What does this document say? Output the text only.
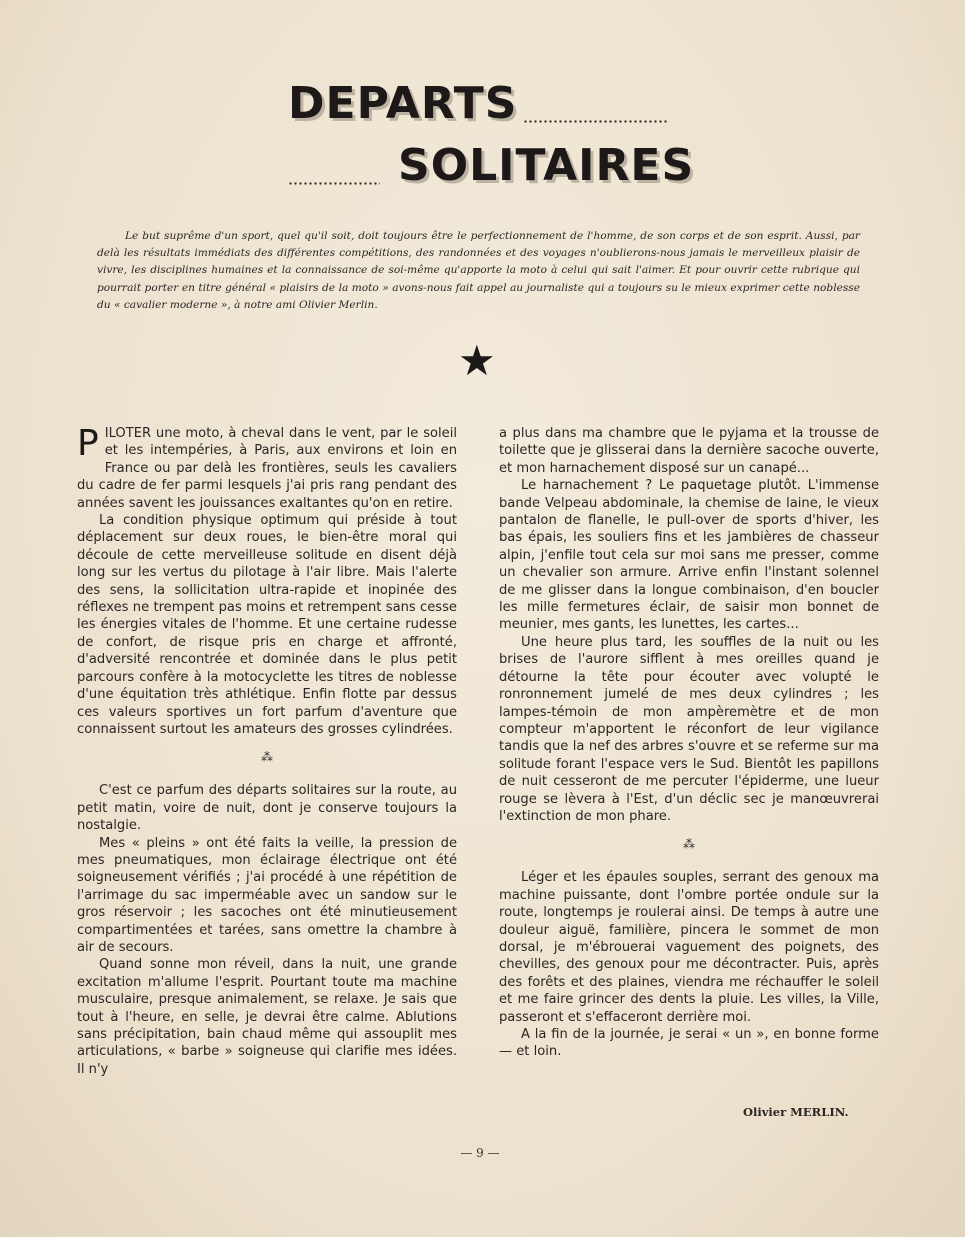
DEPARTS
SOLITAIRES

Le but suprême d'un sport, quel qu'il soit, doit toujours être le perfectionnement de l'homme, de son corps et de son esprit. Aussi, par delà les résultats immédiats des différentes compétitions, des randonnées et des voyages n'oublierons-nous jamais le merveilleux plaisir de vivre, les disciplines humaines et la connaissance de soi-même qu'apporte la moto à celui qui sait l'aimer. Et pour ouvrir cette rubrique qui pourrait porter en titre général « plaisirs de la moto » avons-nous fait appel au journaliste qui a toujours su le mieux exprimer cette noblesse du « cavalier moderne », à notre ami Olivier Merlin.

★

PILOTER une moto, à cheval dans le vent, par le soleil et les intempéries, à Paris, aux environs et loin en France ou par delà les frontières, seuls les cavaliers du cadre de fer parmi lesquels j'ai pris rang pendant des années savent les jouissances exaltantes qu'on en retire.

La condition physique optimum qui préside à tout déplacement sur deux roues, le bien-être moral qui découle de cette merveilleuse solitude en disent déjà long sur les vertus du pilotage à l'air libre. Mais l'alerte des sens, la sollicitation ultra-rapide et inopinée des réflexes ne trempent pas moins et retrempent sans cesse les énergies vitales de l'homme. Et une certaine rudesse de confort, de risque pris en charge et affronté, d'adversité rencontrée et dominée dans le plus petit parcours confère à la motocyclette les titres de noblesse d'une équitation très athlétique. Enfin flotte par dessus ces valeurs sportives un fort parfum d'aventure que connaissent surtout les amateurs des grosses cylindrées.

⁂

C'est ce parfum des départs solitaires sur la route, au petit matin, voire de nuit, dont je conserve toujours la nostalgie.

Mes « pleins » ont été faits la veille, la pression de mes pneumatiques, mon éclairage électrique ont été soigneusement vérifiés ; j'ai procédé à une répétition de l'arrimage du sac imperméable avec un sandow sur le gros réservoir ; les sacoches ont été minutieusement compartimentées et tarées, sans omettre la chambre à air de secours.

Quand sonne mon réveil, dans la nuit, une grande excitation m'allume l'esprit. Pourtant toute ma machine musculaire, presque animalement, se relaxe. Je sais que tout à l'heure, en selle, je devrai être calme. Ablutions sans précipitation, bain chaud même qui assouplit mes articulations, « barbe » soigneuse qui clarifie mes idées. Il n'y

a plus dans ma chambre que le pyjama et la trousse de toilette que je glisserai dans la dernière sacoche ouverte, et mon harnachement disposé sur un canapé...

Le harnachement ? Le paquetage plutôt. L'immense bande Velpeau abdominale, la chemise de laine, le vieux pantalon de flanelle, le pull-over de sports d'hiver, les bas épais, les souliers fins et les jambières de chasseur alpin, j'enfile tout cela sur moi sans me presser, comme un chevalier son armure. Arrive enfin l'instant solennel de me glisser dans la longue combinaison, d'en boucler les mille fermetures éclair, de saisir mon bonnet de meunier, mes gants, les lunettes, les cartes...

Une heure plus tard, les souffles de la nuit ou les brises de l'aurore sifflent à mes oreilles quand je détourne la tête pour écouter avec volupté le ronronnement jumelé de mes deux cylindres ; les lampes-témoin de mon ampèremètre et de mon compteur m'apportent le réconfort de leur vigilance tandis que la nef des arbres s'ouvre et se referme sur ma solitude forant l'espace vers le Sud. Bientôt les papillons de nuit cesseront de me percuter l'épiderme, une lueur rouge se lèvera à l'Est, d'un déclic sec je manœuvrerai l'extinction de mon phare.

⁂

Léger et les épaules souples, serrant des genoux ma machine puissante, dont l'ombre portée ondule sur la route, longtemps je roulerai ainsi. De temps à autre une douleur aiguë, familière, pincera le sommet de mon dorsal, je m'ébrouerai vaguement des poignets, des chevilles, des genoux pour me décontracter. Puis, après des forêts et des plaines, viendra me réchauffer le soleil et me faire grincer des dents la pluie. Les villes, la Ville, passeront et s'effaceront derrière moi.

A la fin de la journée, je serai « un », en bonne forme — et loin.

Olivier MERLIN.
— 9 —
